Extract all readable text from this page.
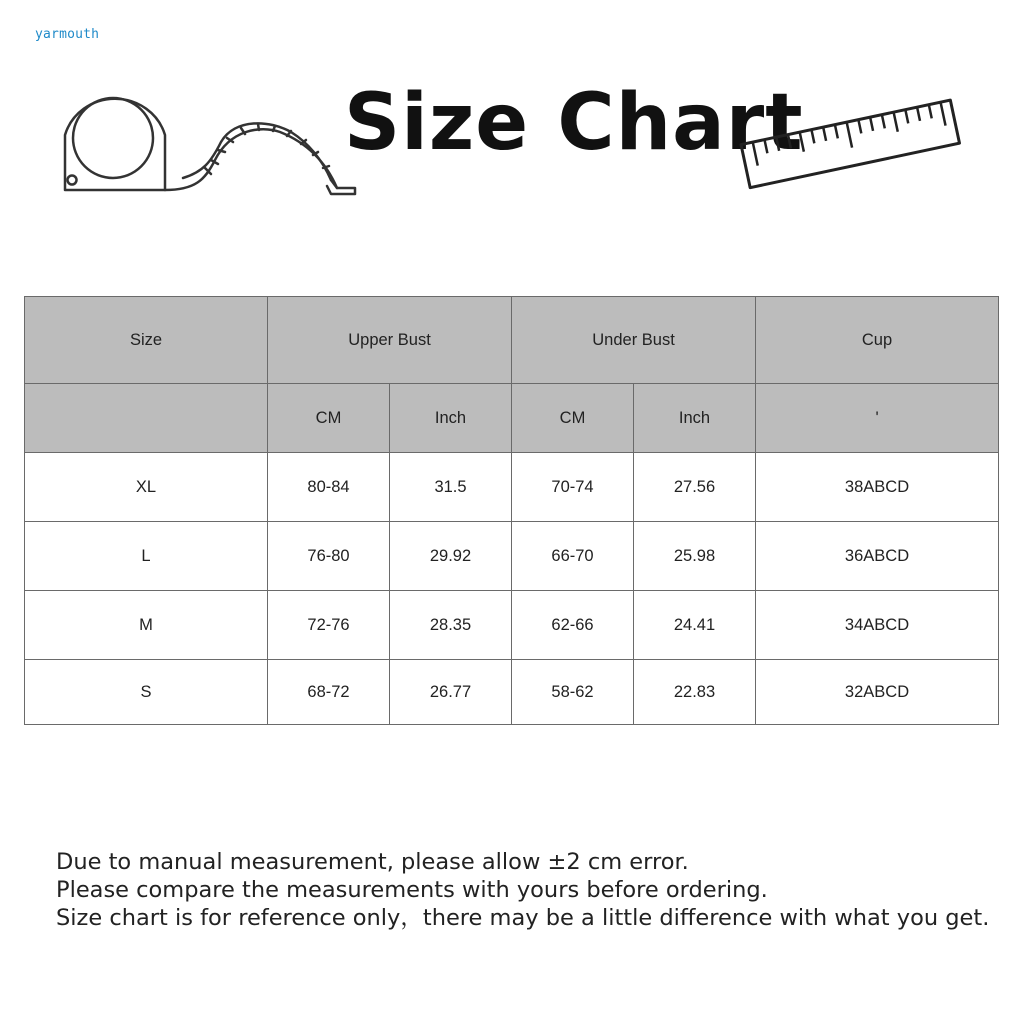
yarmouth
Size Chart
Size	Upper Bust		Under Bust		Cup
	CM	Inch	CM	Inch	'
XL	80-84	31.5	70-74	27.56	38ABCD
L	76-80	29.92	66-70	25.98	36ABCD
M	72-76	28.35	62-66	24.41	34ABCD
S	68-72	26.77	58-62	22.83	32ABCD
Due to manual measurement, please allow ±2 cm error.
Please compare the measurements with yours before ordering.
Size chart is for reference only，there may be a little difference with what you get.
